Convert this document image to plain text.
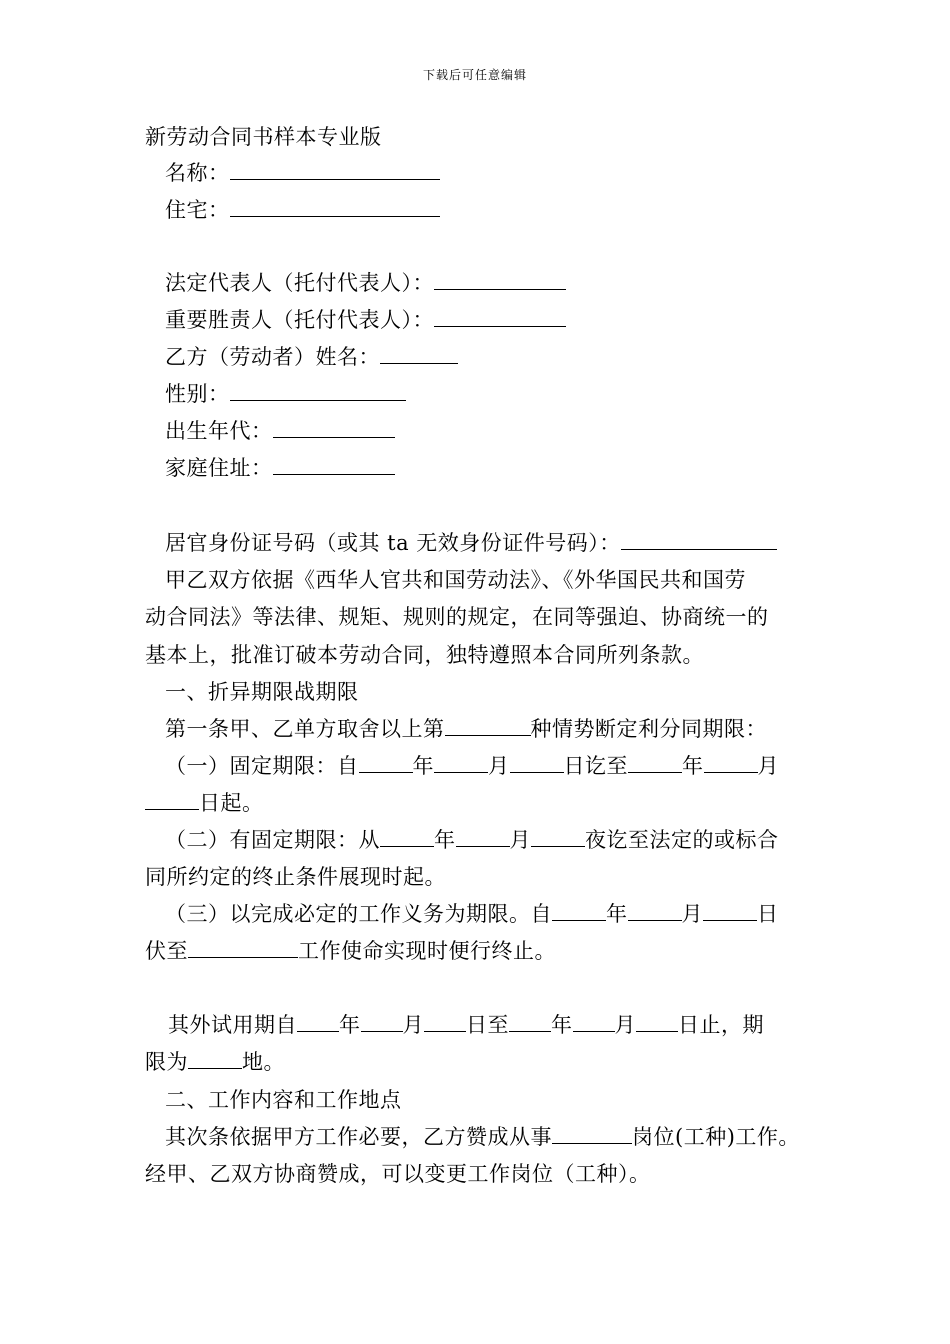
下载后可任意编辑
新劳动合同书样本专业版
名称：
住宅：
法定代表人（托付代表人）：
重要胜责人（托付代表人）：
乙方（劳动者）姓名：
性别：
出生年代：
家庭住址：
居官身份证号码（或其 ta 无效身份证件号码）：
甲乙双方依据《西华人官共和国劳动法》、《外华国民共和国劳
动合同法》等法律、规矩、规则的规定，在同等强迫、协商统一的
基本上，批准订破本劳动合同，独特遵照本合同所列条款。
一、折异期限战期限
第一条甲、乙单方取舍以上第	种情势断定利分同期限：
（一）固定期限：自	年	月	日讫至	年	月
日起。
（二）有固定期限：从	年	月	夜讫至法定的或标合
同所约定的终止条件展现时起。
（三）以完成必定的工作义务为期限。自	年	月	日
伏至	工作使命实现时便行终止。
其外试用期自 年 月 日至 年 月 日止，期
限为	地。
二、工作内容和工作地点
其次条依据甲方工作必要，乙方赞成从事	岗位(工种)工作。
经甲、乙双方协商赞成，可以变更工作岗位（工种）。
